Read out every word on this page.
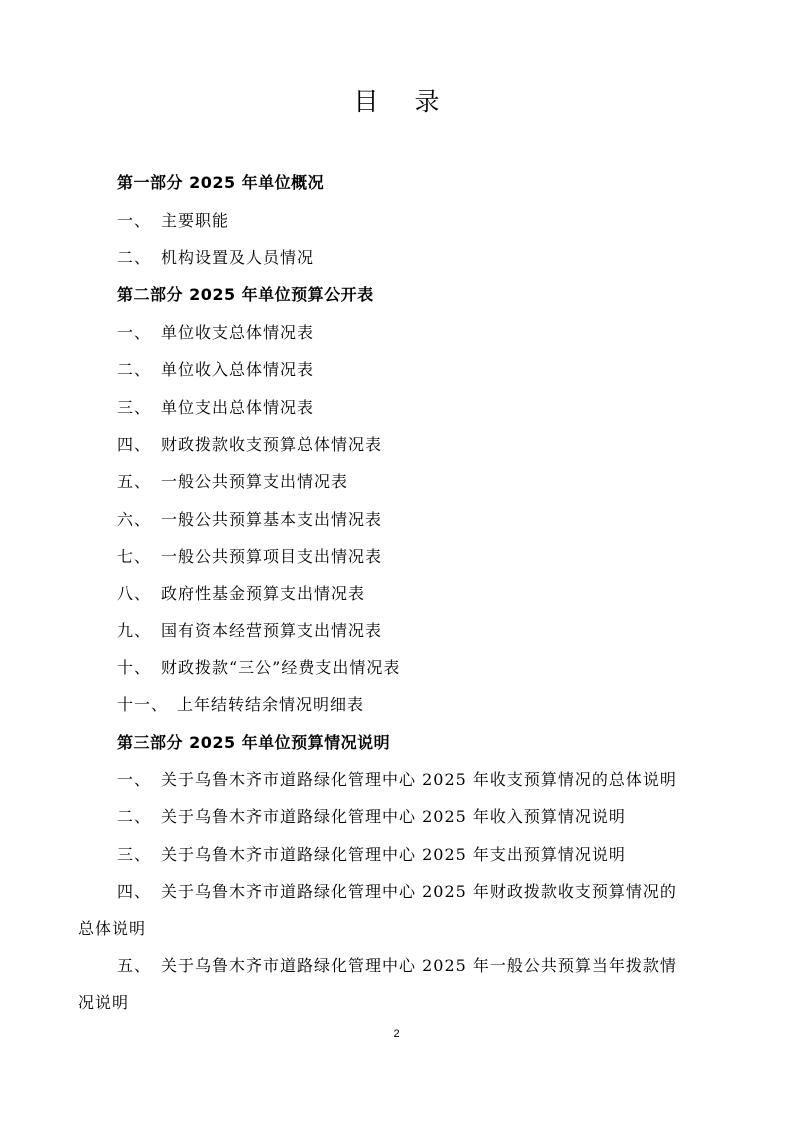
目 录
第一部分 2025 年单位概况
一、 主要职能
二、 机构设置及人员情况
第二部分 2025 年单位预算公开表
一、 单位收支总体情况表
二、 单位收入总体情况表
三、 单位支出总体情况表
四、 财政拨款收支预算总体情况表
五、 一般公共预算支出情况表
六、 一般公共预算基本支出情况表
七、 一般公共预算项目支出情况表
八、 政府性基金预算支出情况表
九、 国有资本经营预算支出情况表
十、 财政拨款“三公”经费支出情况表
十一、 上年结转结余情况明细表
第三部分 2025 年单位预算情况说明
一、 关于乌鲁木齐市道路绿化管理中心 2025 年收支预算情况的总体说明
二、 关于乌鲁木齐市道路绿化管理中心 2025 年收入预算情况说明
三、 关于乌鲁木齐市道路绿化管理中心 2025 年支出预算情况说明
四、 关于乌鲁木齐市道路绿化管理中心 2025 年财政拨款收支预算情况的
总体说明
五、 关于乌鲁木齐市道路绿化管理中心 2025 年一般公共预算当年拨款情
况说明
2
